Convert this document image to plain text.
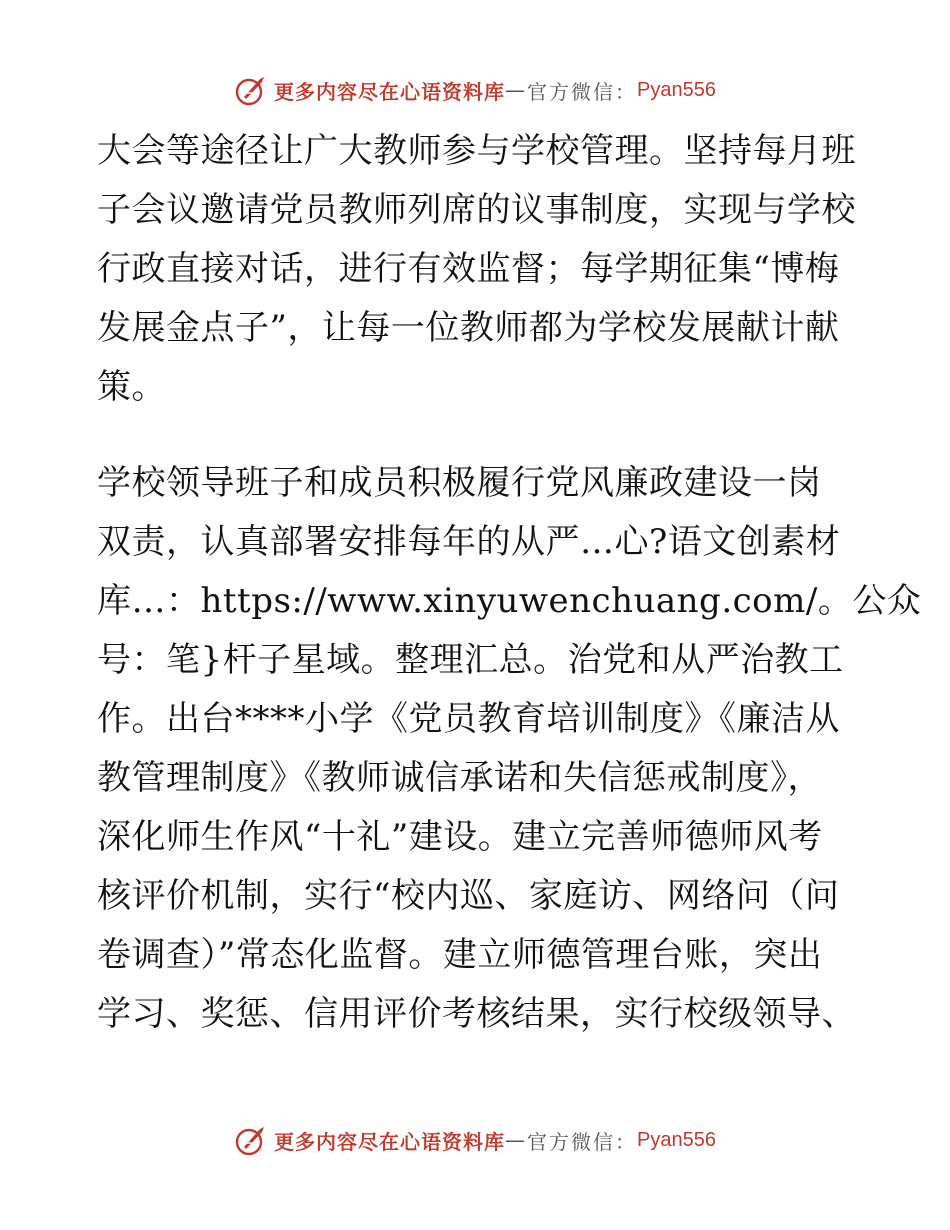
更多内容尽在心语资料库 — 官方微信： Pyan556
大会等途径让广大教师参与学校管理。坚持每月班
子会议邀请党员教师列席的议事制度，实现与学校
行政直接对话，进行有效监督；每学期征集“博梅
发展金点子”，让每一位教师都为学校发展献计献
策。
学校领导班子和成员积极履行党风廉政建设一岗
双责，认真部署安排每年的从严…心?语文创素材
库…：https://www.xinyuwenchuang.com/。公众
号：笔}杆子星域。整理汇总。治党和从严治教工
作。出台****小学《党员教育培训制度》《廉洁从
教管理制度》《教师诚信承诺和失信惩戒制度》，
深化师生作风“十礼”建设。建立完善师德师风考
核评价机制，实行“校内巡、家庭访、网络问（问
卷调查）”常态化监督。建立师德管理台账，突出
学习、奖惩、信用评价考核结果，实行校级领导、
更多内容尽在心语资料库 — 官方微信： Pyan556
